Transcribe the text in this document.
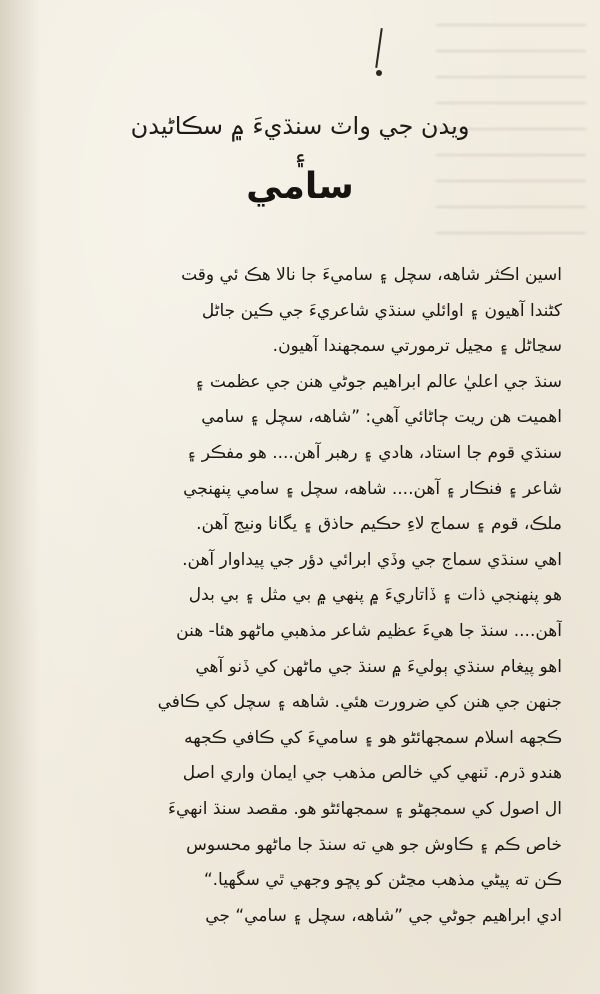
ويدن جي واٽ سنڌيءَ ۾ سڪاڻيدن ۽
سامي
اسين اڪثر شاهه، سچل ۽ ساميءَ جا نالا هڪ ئي وقت
کڻندا آهيون ۽ اوائلي سنڌي شاعريءَ جي ڪين جاڻل
سڃاڻل ۽ مڃيل ترمورتي سمجهندا آهيون.
سنڌ جي اعليٰ عالم ابراهيم جوڻي هنن جي عظمت ۽
اهميت هن ريت ڄاڻائي آهي: ”شاهه، سچل ۽ سامي
سنڌي قوم جا استاد، هادي ۽ رهبر آهن.... هو مفڪر ۽
شاعر ۽ فنڪار ۽ آهن.... شاهه، سچل ۽ سامي پنهنجي
ملڪ، قوم ۽ سماج لاءِ حڪيم حاذق ۽ يگانا ونيج آهن.
اهي سنڌي سماج جي وڏي ابرائي دؤر جي پيداوار آهن.
هو پنهنجي ذات ۽ ڏاتاريءَ ۾ پنهي ۾ بي مثل ۽ بي بدل
آهن.... سنڌ جا هيءَ عظيم شاعر مذهبي ماڻهو هئا- هنن
اهو پيغام سنڌي ٻوليءَ ۾ سنڌ جي ماڻهن کي ڏنو آهي
جنهن جي هنن کي ضرورت هئي. شاهه ۽ سچل کي ڪافي
ڪجهه اسلام سمجهائڻو هو ۽ ساميءَ کي ڪافي ڪجهه
هندو ڌرم. ٽنهي کي خالص مذهب جي ايمان واري اصل
ال اصول کي سمجهڻو ۽ سمجهائڻو هو. مقصد سنڌ انهيءَ
خاص ڪم ۽ ڪاوش جو هي ته سنڌ جا ماڻهو محسوس
ڪن ته پيڻي مذهب مڃڻن کو پڇو وجهي ٿي سگهيا.“
ادي ابراهيم جوڻي جي ”شاهه، سچل ۽ سامي“ جي
